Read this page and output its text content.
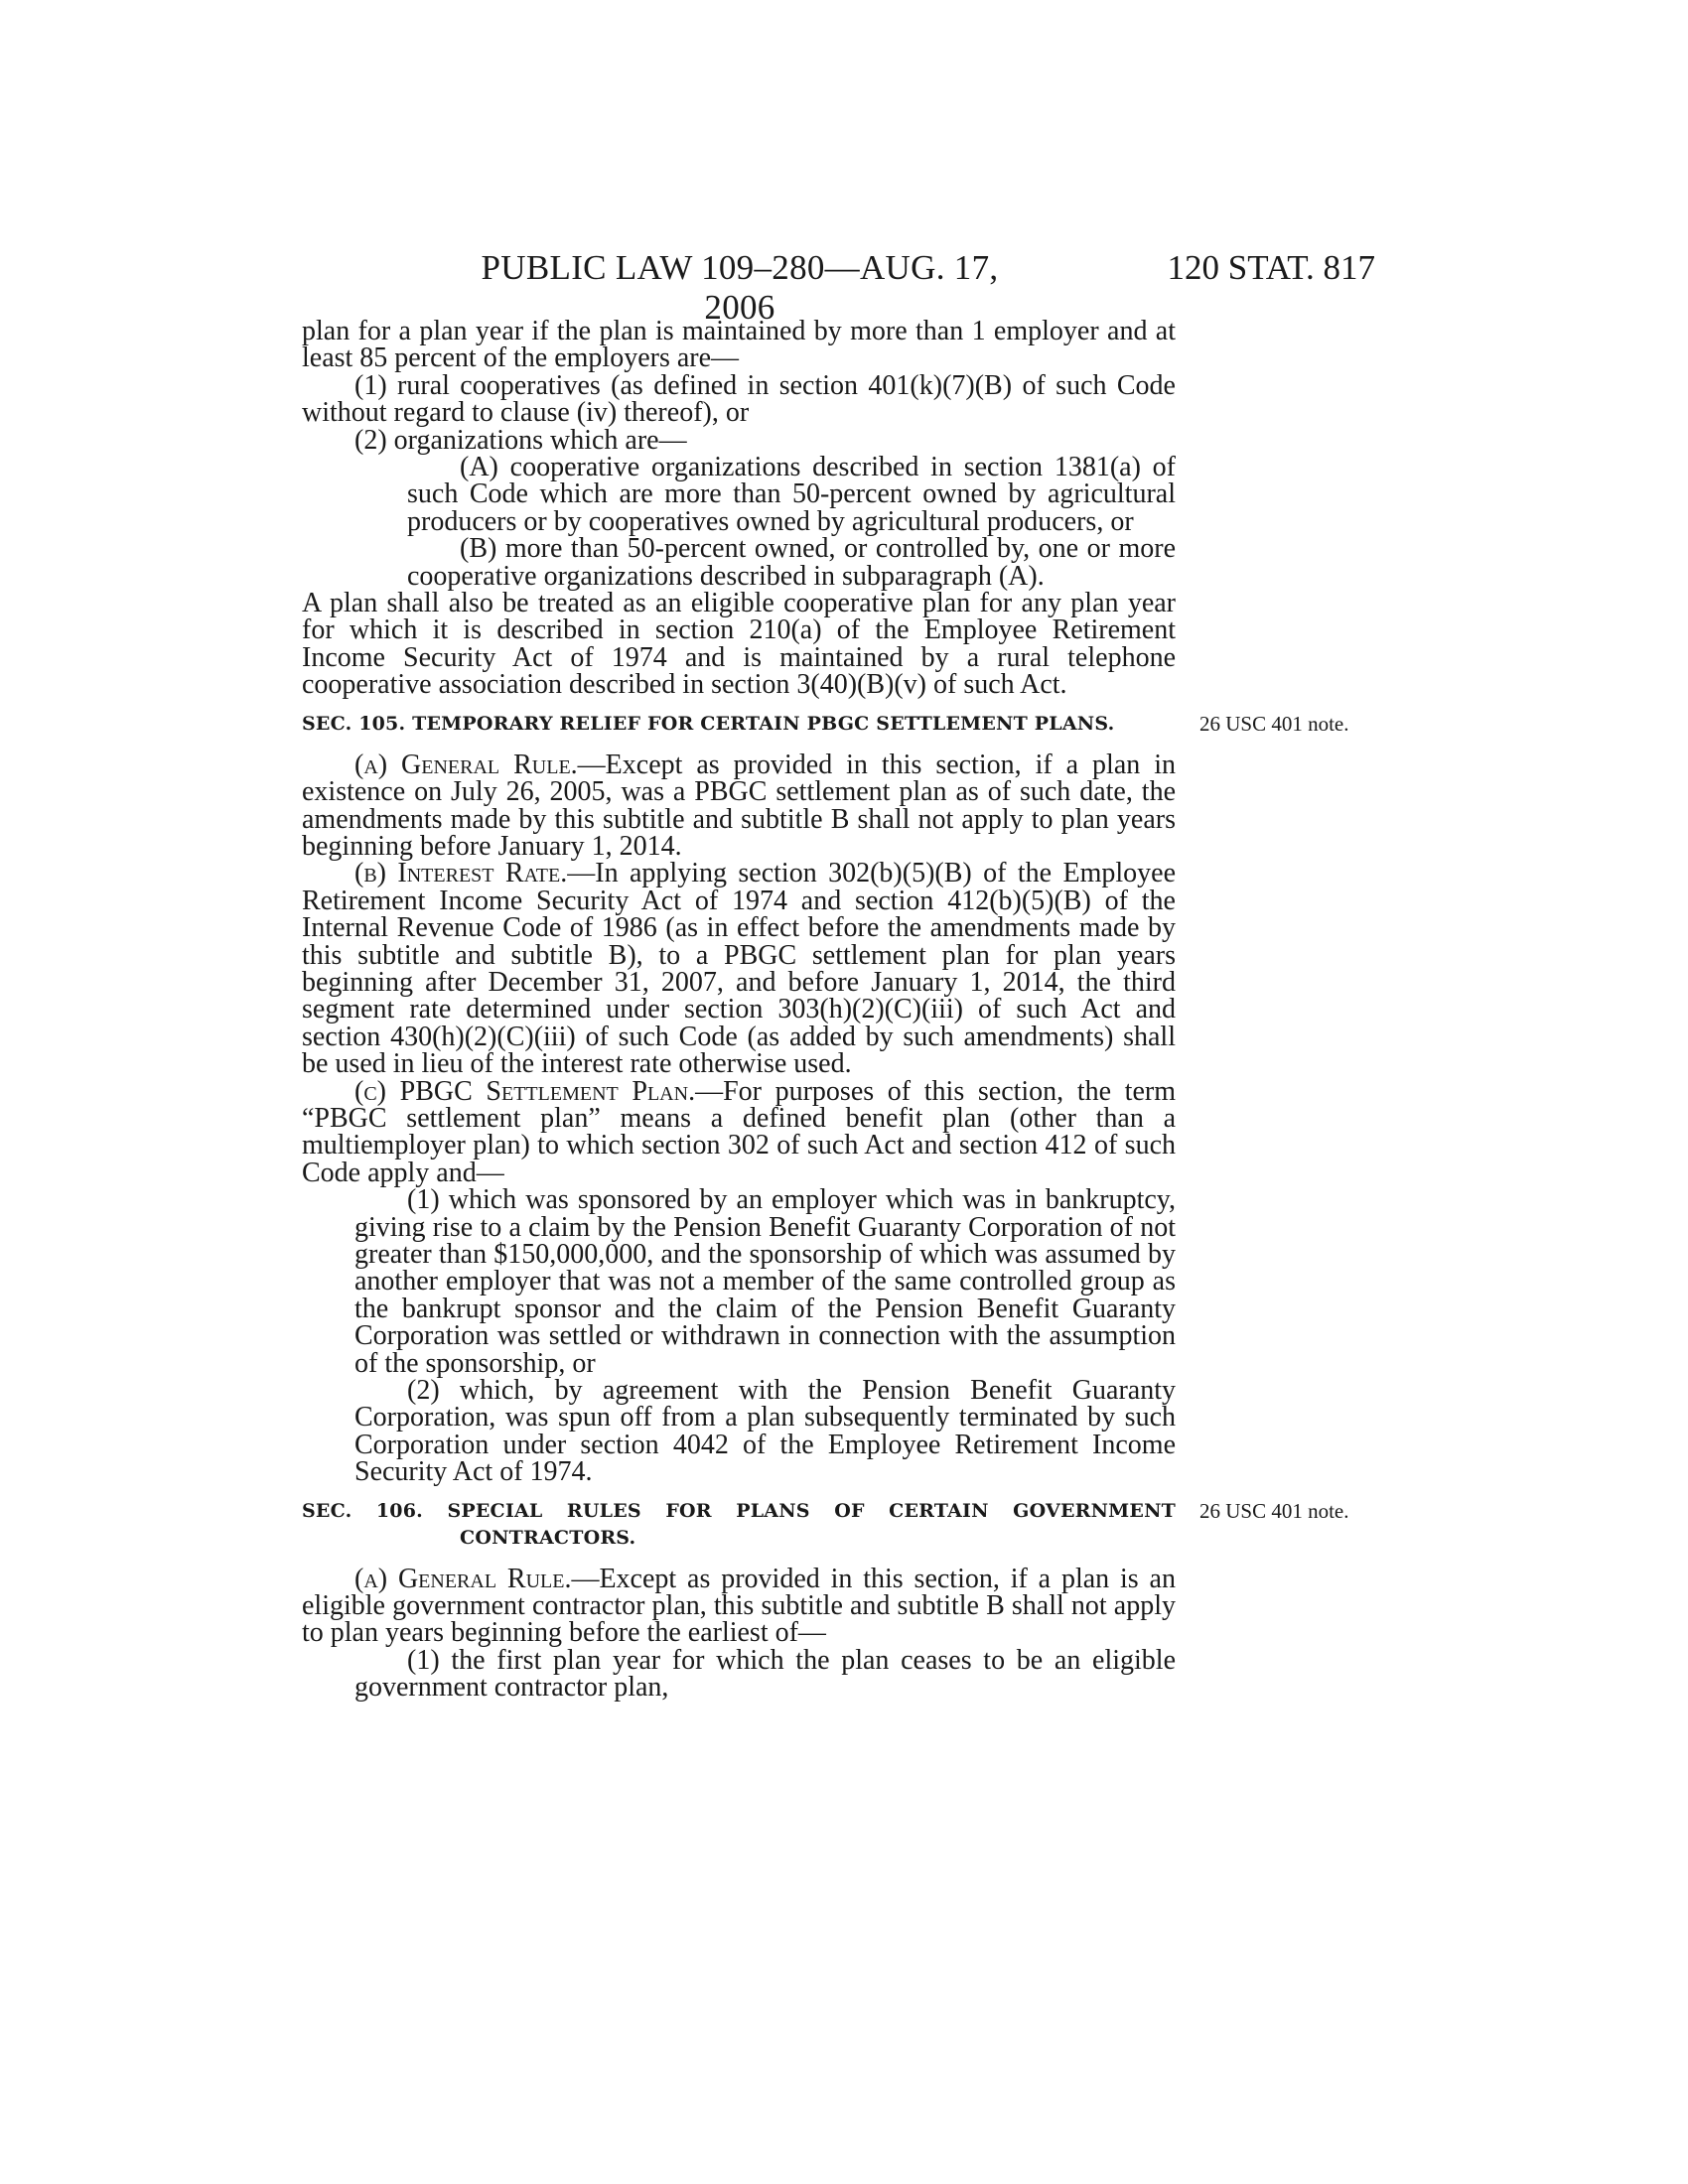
PUBLIC LAW 109–280—AUG. 17, 2006
120 STAT. 817

plan for a plan year if the plan is maintained by more than 1 employer and at least 85 percent of the employers are—

(1) rural cooperatives (as defined in section 401(k)(7)(B) of such Code without regard to clause (iv) thereof), or

(2) organizations which are—

(A) cooperative organizations described in section 1381(a) of such Code which are more than 50-percent owned by agricultural producers or by cooperatives owned by agricultural producers, or

(B) more than 50-percent owned, or controlled by, one or more cooperative organizations described in subparagraph (A).

A plan shall also be treated as an eligible cooperative plan for any plan year for which it is described in section 210(a) of the Employee Retirement Income Security Act of 1974 and is maintained by a rural telephone cooperative association described in section 3(40)(B)(v) of such Act.

SEC. 105. TEMPORARY RELIEF FOR CERTAIN PBGC SETTLEMENT PLANS.	26 USC 401 note.

(a) General Rule.—Except as provided in this section, if a plan in existence on July 26, 2005, was a PBGC settlement plan as of such date, the amendments made by this subtitle and subtitle B shall not apply to plan years beginning before January 1, 2014.

(b) Interest Rate.—In applying section 302(b)(5)(B) of the Employee Retirement Income Security Act of 1974 and section 412(b)(5)(B) of the Internal Revenue Code of 1986 (as in effect before the amendments made by this subtitle and subtitle B), to a PBGC settlement plan for plan years beginning after December 31, 2007, and before January 1, 2014, the third segment rate determined under section 303(h)(2)(C)(iii) of such Act and section 430(h)(2)(C)(iii) of such Code (as added by such amendments) shall be used in lieu of the interest rate otherwise used.

(c) PBGC Settlement Plan.—For purposes of this section, the term “PBGC settlement plan” means a defined benefit plan (other than a multiemployer plan) to which section 302 of such Act and section 412 of such Code apply and—

(1) which was sponsored by an employer which was in bankruptcy, giving rise to a claim by the Pension Benefit Guaranty Corporation of not greater than $150,000,000, and the sponsorship of which was assumed by another employer that was not a member of the same controlled group as the bankrupt sponsor and the claim of the Pension Benefit Guaranty Corporation was settled or withdrawn in connection with the assumption of the sponsorship, or

(2) which, by agreement with the Pension Benefit Guaranty Corporation, was spun off from a plan subsequently terminated by such Corporation under section 4042 of the Employee Retirement Income Security Act of 1974.

SEC. 106. SPECIAL RULES FOR PLANS OF CERTAIN GOVERNMENT CONTRACTORS.
26 USC 401 note.

(a) General Rule.—Except as provided in this section, if a plan is an eligible government contractor plan, this subtitle and subtitle B shall not apply to plan years beginning before the earliest of—

(1) the first plan year for which the plan ceases to be an eligible government contractor plan,
